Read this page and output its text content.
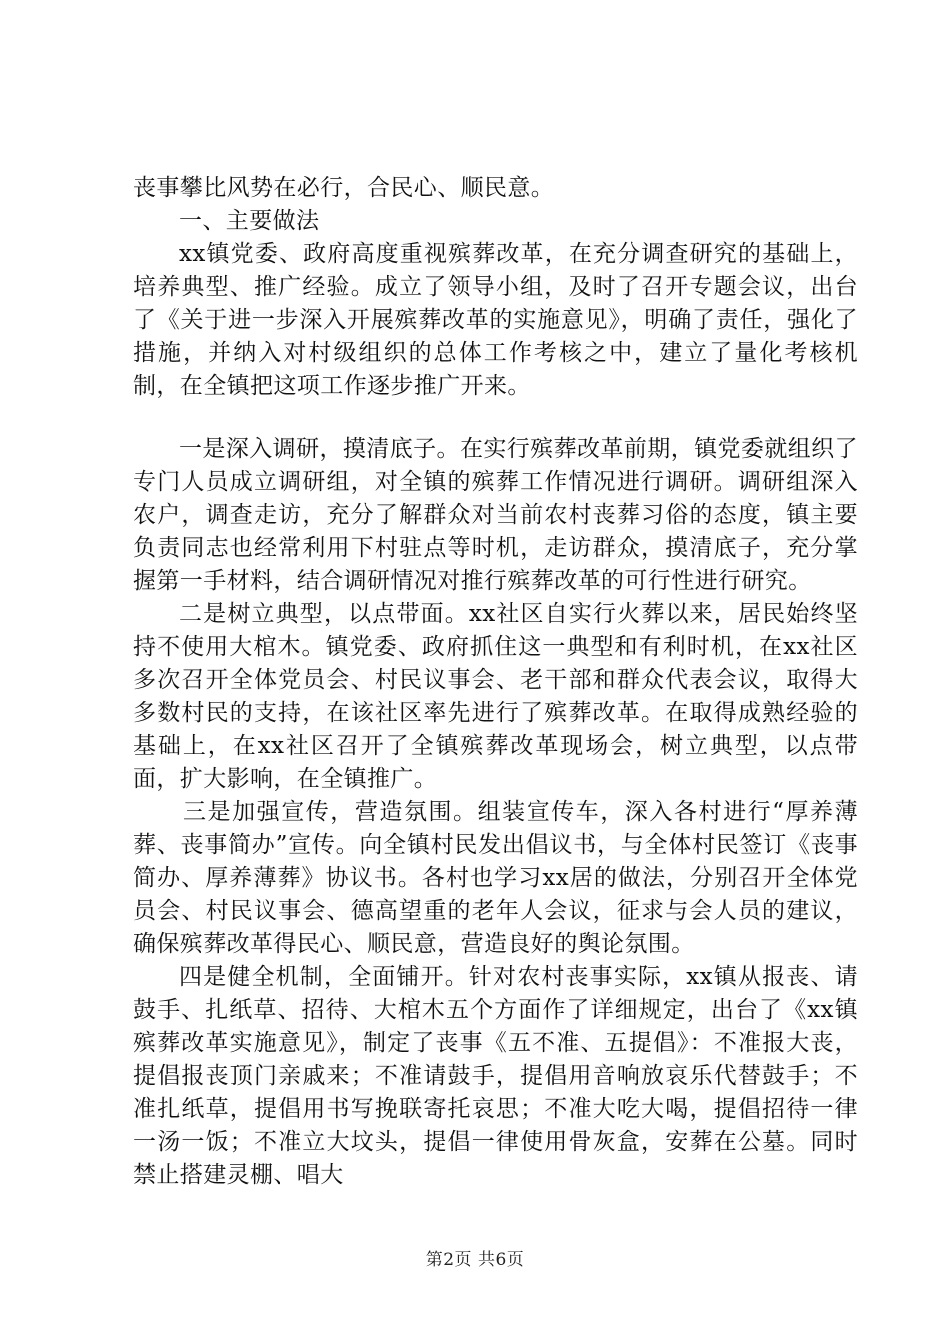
丧事攀比风势在必行，合民心、顺民意。

一、主要做法

xx镇党委、政府高度重视殡葬改革，在充分调查研究的基础上，培养典型、推广经验。成立了领导小组，及时了召开专题会议，出台了《关于进一步深入开展殡葬改革的实施意见》，明确了责任，强化了措施，并纳入对村级组织的总体工作考核之中，建立了量化考核机制，在全镇把这项工作逐步推广开来。

一是深入调研，摸清底子。在实行殡葬改革前期，镇党委就组织了专门人员成立调研组，对全镇的殡葬工作情况进行调研。调研组深入农户，调查走访，充分了解群众对当前农村丧葬习俗的态度，镇主要负责同志也经常利用下村驻点等时机，走访群众，摸清底子，充分掌握第一手材料，结合调研情况对推行殡葬改革的可行性进行研究。

二是树立典型，以点带面。xx社区自实行火葬以来，居民始终坚持不使用大棺木。镇党委、政府抓住这一典型和有利时机，在xx社区多次召开全体党员会、村民议事会、老干部和群众代表会议，取得大多数村民的支持，在该社区率先进行了殡葬改革。在取得成熟经验的基础上，在xx社区召开了全镇殡葬改革现场会，树立典型，以点带面，扩大影响，在全镇推广。

三是加强宣传，营造氛围。组装宣传车，深入各村进行“厚养薄葬、丧事简办”宣传。向全镇村民发出倡议书，与全体村民签订《丧事简办、厚养薄葬》协议书。各村也学习xx居的做法，分别召开全体党员会、村民议事会、德高望重的老年人会议，征求与会人员的建议，确保殡葬改革得民心、顺民意，营造良好的舆论氛围。

四是健全机制，全面铺开。针对农村丧事实际，xx镇从报丧、请鼓手、扎纸草、招待、大棺木五个方面作了详细规定，出台了《xx镇殡葬改革实施意见》，制定了丧事《五不准、五提倡》：不准报大丧，提倡报丧顶门亲戚来；不准请鼓手，提倡用音响放哀乐代替鼓手；不准扎纸草，提倡用书写挽联寄托哀思；不准大吃大喝，提倡招待一律一汤一饭；不准立大坟头，提倡一律使用骨灰盒，安葬在公墓。同时禁止搭建灵棚、唱大

第2页 共6页
